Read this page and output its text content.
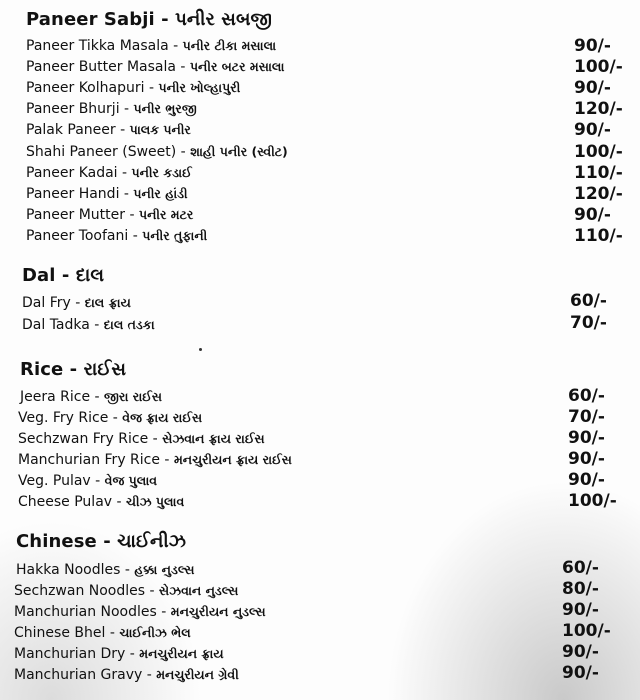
Paneer Sabji - પનીર સબજી
Paneer Tikka Masala - પનીર ટીકા મસાલા	90/-
Paneer Butter Masala - પનીર બટર મસાલા	100/-
Paneer Kolhapuri - પનીર ખોલ્હાપુરી	90/-
Paneer Bhurji - પનીર ભુરજી	120/-
Palak Paneer - પાલક પનીર	90/-
Shahi Paneer (Sweet) - શાહી પનીર (સ્વીટ)	100/-
Paneer Kadai - પનીર કડાઈ	110/-
Paneer Handi - પનીર હાંડી	120/-
Paneer Mutter - પનીર મટર	90/-
Paneer Toofani - પનીર તુફાની	110/-
Dal - દાલ
Dal Fry - દાલ ફ્રાય	60/-
Dal Tadka - દાલ તડકા	70/-
Rice - રાઈસ
Jeera Rice - જીરા રાઈસ	60/-
Veg. Fry Rice - વેજ ફ્રાય રાઈસ	70/-
Sechzwan Fry Rice - સેઝવાન ફ્રાય રાઈસ	90/-
Manchurian Fry Rice - મનચુરીયન ફ્રાય રાઈસ	90/-
Veg. Pulav - વેજ પુલાવ	90/-
Cheese Pulav - ચીઝ પુલાવ	100/-
Chinese - ચાઈનીઝ
Hakka Noodles - હક્કા નુડલ્સ	60/-
Sechzwan Noodles - સેઝવાન નુડલ્સ	80/-
Manchurian Noodles - મનચુરીયન નુડલ્સ	90/-
Chinese Bhel - ચાઈનીઝ ભેલ	100/-
Manchurian Dry - મનચુરીયન ફ્રાય	90/-
Manchurian Gravy - મનચુરીયન ગ્રેવી	90/-
